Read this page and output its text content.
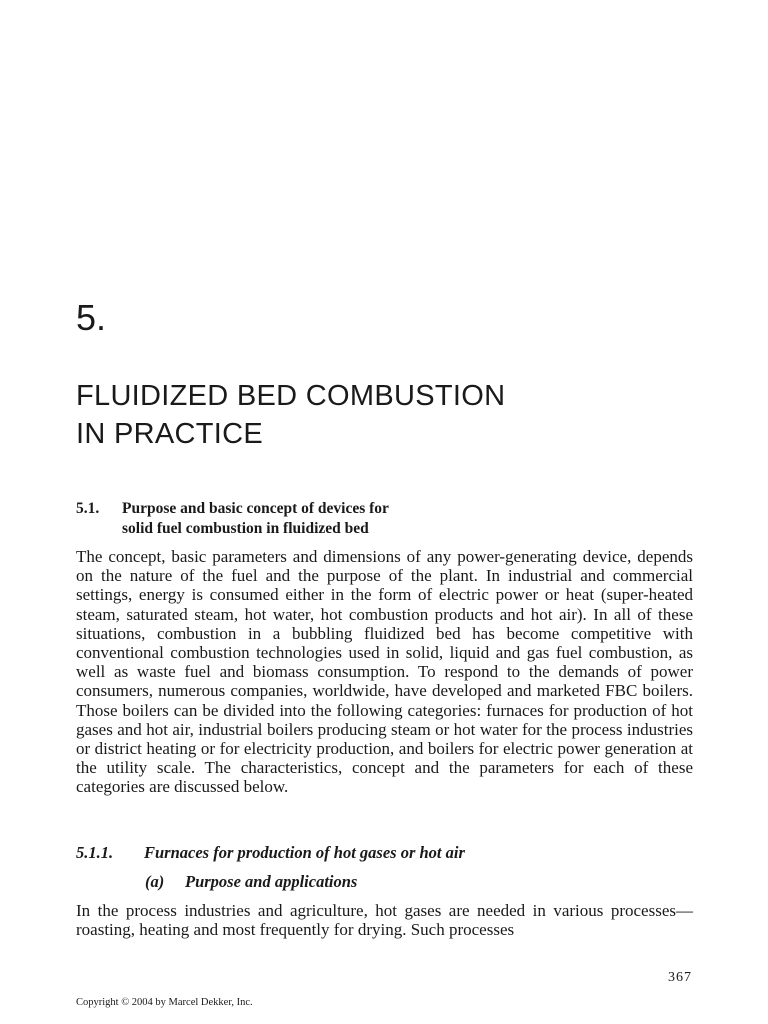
5.

FLUIDIZED BED COMBUSTION
IN PRACTICE
5.1. Purpose and basic concept of devices for
solid fuel combustion in fluidized bed

The concept, basic parameters and dimensions of any power-generating device, depends on the nature of the fuel and the purpose of the plant. In industrial and commercial settings, energy is consumed either in the form of electric power or heat (super-heated steam, saturated steam, hot water, hot combustion products and hot air). In all of these situations, combustion in a bubbling fluidized bed has become competitive with conventional combustion technologies used in solid, liquid and gas fuel combustion, as well as waste fuel and biomass consumption. To respond to the demands of power consumers, numerous companies, worldwide, have developed and marketed FBC boilers. Those boilers can be divided into the following categories: furnaces for production of hot gases and hot air, industrial boilers producing steam or hot water for the process industries or district heating or for electricity production, and boilers for electric power generation at the utility scale. The characteristics, concept and the parameters for each of these categories are discussed below.

5.1.1. Furnaces for production of hot gases or hot air
(a) Purpose and applications

In the process industries and agriculture, hot gases are needed in various processes—roasting, heating and most frequently for drying. Such processes

367
Copyright © 2004 by Marcel Dekker, Inc.
